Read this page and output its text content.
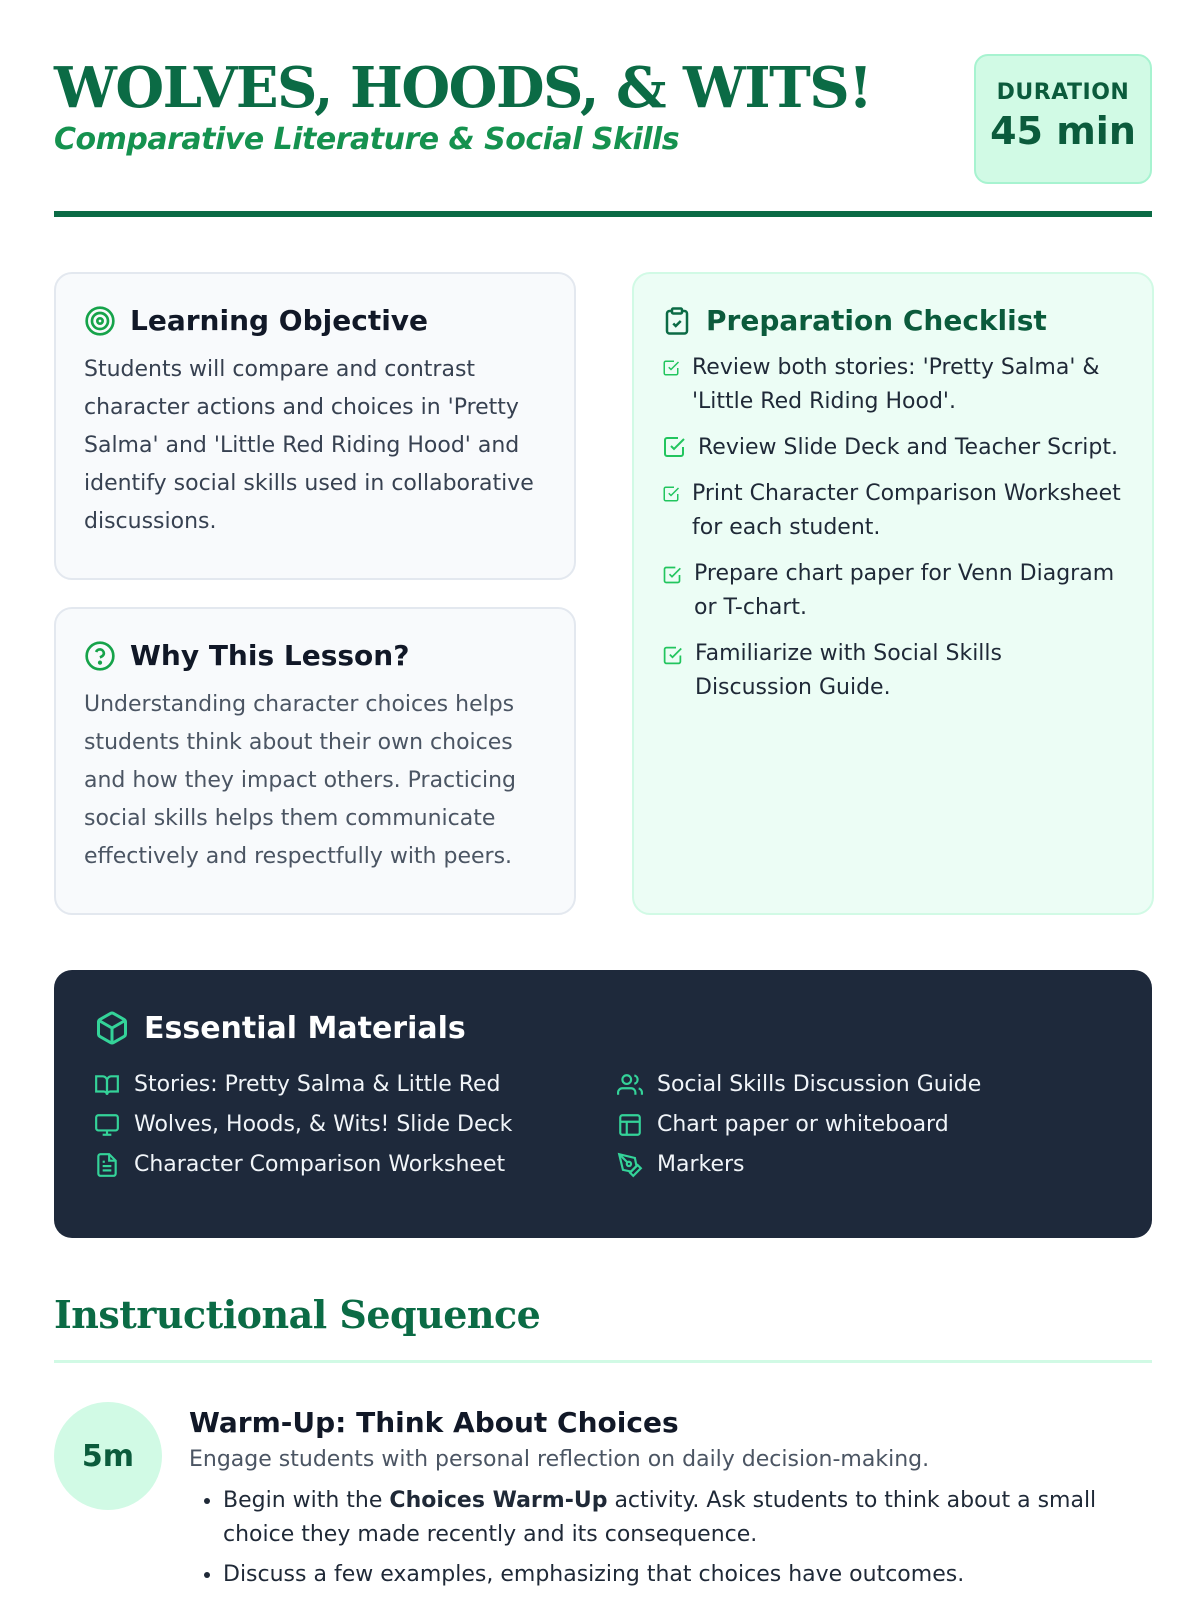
WOLVES, HOODS, & WITS!
Comparative Literature & Social Skills
DURATION
45 min
Learning Objective
Students will compare and contrast character actions and choices in 'Pretty Salma' and 'Little Red Riding Hood' and identify social skills used in collaborative discussions.
Why This Lesson?
Understanding character choices helps students think about their own choices and how they impact others. Practicing social skills helps them communicate effectively and respectfully with peers.
Preparation Checklist
Review both stories: 'Pretty Salma' & 'Little Red Riding Hood'.
Review Slide Deck and Teacher Script.
Print Character Comparison Worksheet for each student.
Prepare chart paper for Venn Diagram or T-chart.
Familiarize with Social Skills Discussion Guide.
Essential Materials
Stories: Pretty Salma & Little Red	Social Skills Discussion Guide
Wolves, Hoods, & Wits! Slide Deck	Chart paper or whiteboard
Character Comparison Worksheet	Markers
Instructional Sequence
5m
Warm-Up: Think About Choices
Engage students with personal reflection on daily decision-making.
• Begin with the Choices Warm-Up activity. Ask students to think about a small choice they made recently and its consequence.
• Discuss a few examples, emphasizing that choices have outcomes.
